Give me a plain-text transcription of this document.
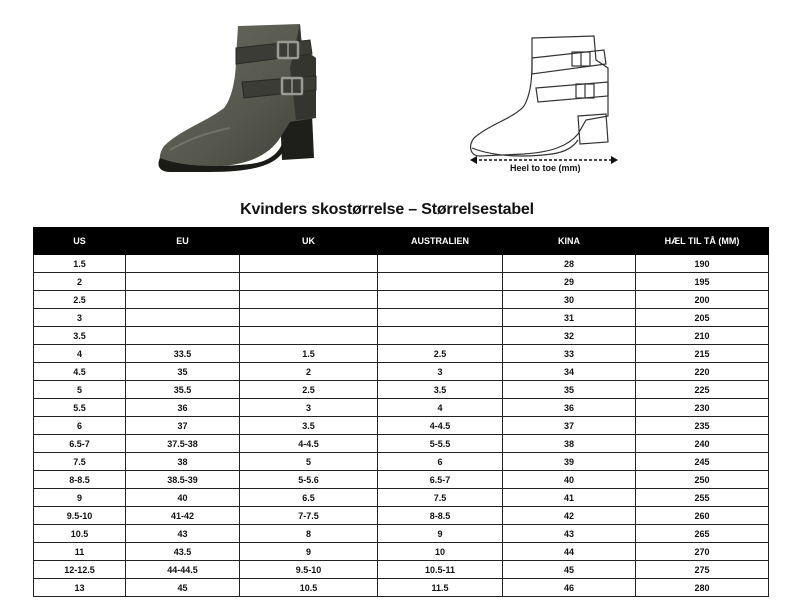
Heel to toe (mm)
Kvinders skostørrelse – Størrelsestabel
US	EU	UK	AUSTRALIEN	KINA	HÆL TIL TÅ (MM)
1.5				28	190
2				29	195
2.5				30	200
3				31	205
3.5				32	210
4	33.5	1.5	2.5	33	215
4.5	35	2	3	34	220
5	35.5	2.5	3.5	35	225
5.5	36	3	4	36	230
6	37	3.5	4-4.5	37	235
6.5-7	37.5-38	4-4.5	5-5.5	38	240
7.5	38	5	6	39	245
8-8.5	38.5-39	5-5.6	6.5-7	40	250
9	40	6.5	7.5	41	255
9.5-10	41-42	7-7.5	8-8.5	42	260
10.5	43	8	9	43	265
11	43.5	9	10	44	270
12-12.5	44-44.5	9.5-10	10.5-11	45	275
13	45	10.5	11.5	46	280
